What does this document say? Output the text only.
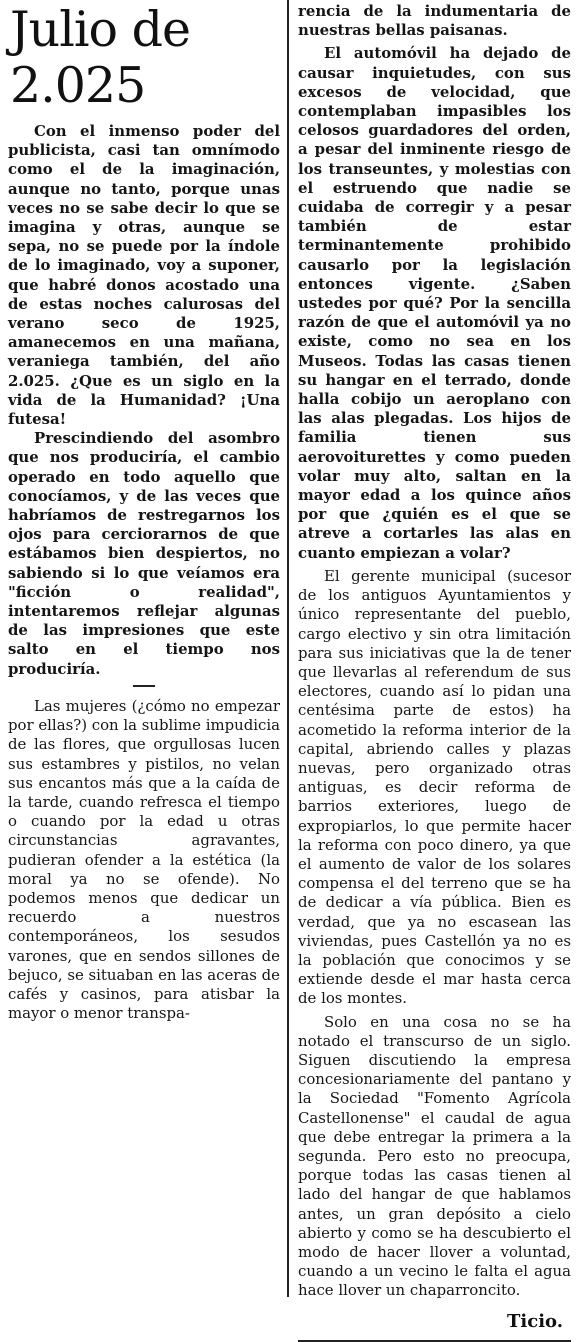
Julio de 2.025

Con el inmenso poder del publicista, casi tan omnímodo como el de la imaginación, aunque no tanto, porque unas veces no se sabe decir lo que se imagina y otras, aunque se sepa, no se puede por la índole de lo imaginado, voy a suponer, que habré donos acostado una de estas noches calurosas del verano seco de 1925, amanecemos en una mañana, veraniega también, del año 2.025. ¿Que es un siglo en la vida de la Humanidad? ¡Una futesa!

Prescindiendo del asombro que nos produciría, el cambio operado en todo aquello que conocíamos, y de las veces que habríamos de restregarnos los ojos para cerciorarnos de que estábamos bien despiertos, no sabiendo si lo que veíamos era "ficción o realidad", intentaremos reflejar algunas de las impresiones que este salto en el tiempo nos produciría.

Las mujeres (¿cómo no empezar por ellas?) con la sublime impudicia de las flores, que orgullosas lucen sus estambres y pistilos, no velan sus encantos más que a la caída de la tarde, cuando refresca el tiempo o cuando por la edad u otras circunstancias agravantes, pudieran ofender a la estética (la moral ya no se ofende). No podemos menos que dedicar un recuerdo a nuestros contemporáneos, los sesudos varones, que en sendos sillones de bejuco, se situaban en las aceras de cafés y casinos, para atisbar la mayor o menor transpa-

rencia de la indumentaria de nuestras bellas paisanas.

El automóvil ha dejado de causar inquietudes, con sus excesos de velocidad, que contemplaban impasibles los celosos guardadores del orden, a pesar del inminente riesgo de los transeuntes, y molestias con el estruendo que nadie se cuidaba de corregir y a pesar también de estar terminantemente prohibido causarlo por la legislación entonces vigente. ¿Saben ustedes por qué? Por la sencilla razón de que el automóvil ya no existe, como no sea en los Museos. Todas las casas tienen su hangar en el terrado, donde halla cobijo un aeroplano con las alas plegadas. Los hijos de familia tienen sus aerovoiturettes y como pueden volar muy alto, saltan en la mayor edad a los quince años por que ¿quién es el que se atreve a cortarles las alas en cuanto empiezan a volar?

El gerente municipal (sucesor de los antiguos Ayuntamientos y único representante del pueblo, cargo electivo y sin otra limitación para sus iniciativas que la de tener que llevarlas al referendum de sus electores, cuando así lo pidan una centésima parte de estos) ha acometido la reforma interior de la capital, abriendo calles y plazas nuevas, pero organizado otras antiguas, es decir reforma de barrios exteriores, luego de expropiarlos, lo que permite hacer la reforma con poco dinero, ya que el aumento de valor de los solares compensa el del terreno que se ha de dedicar a vía pública. Bien es verdad, que ya no escasean las viviendas, pues Castellón ya no es la población que conocimos y se extiende desde el mar hasta cerca de los montes.

Solo en una cosa no se ha notado el transcurso de un siglo. Siguen discutiendo la empresa concesionariamente del pantano y la Sociedad "Fomento Agrícola Castellonense" el caudal de agua que debe entregar la primera a la segunda. Pero esto no preocupa, porque todas las casas tienen al lado del hangar de que hablamos antes, un gran depósito a cielo abierto y como se ha descubierto el modo de hacer llover a voluntad, cuando a un vecino le falta el agua hace llover un chaparroncito.

Ticio.
